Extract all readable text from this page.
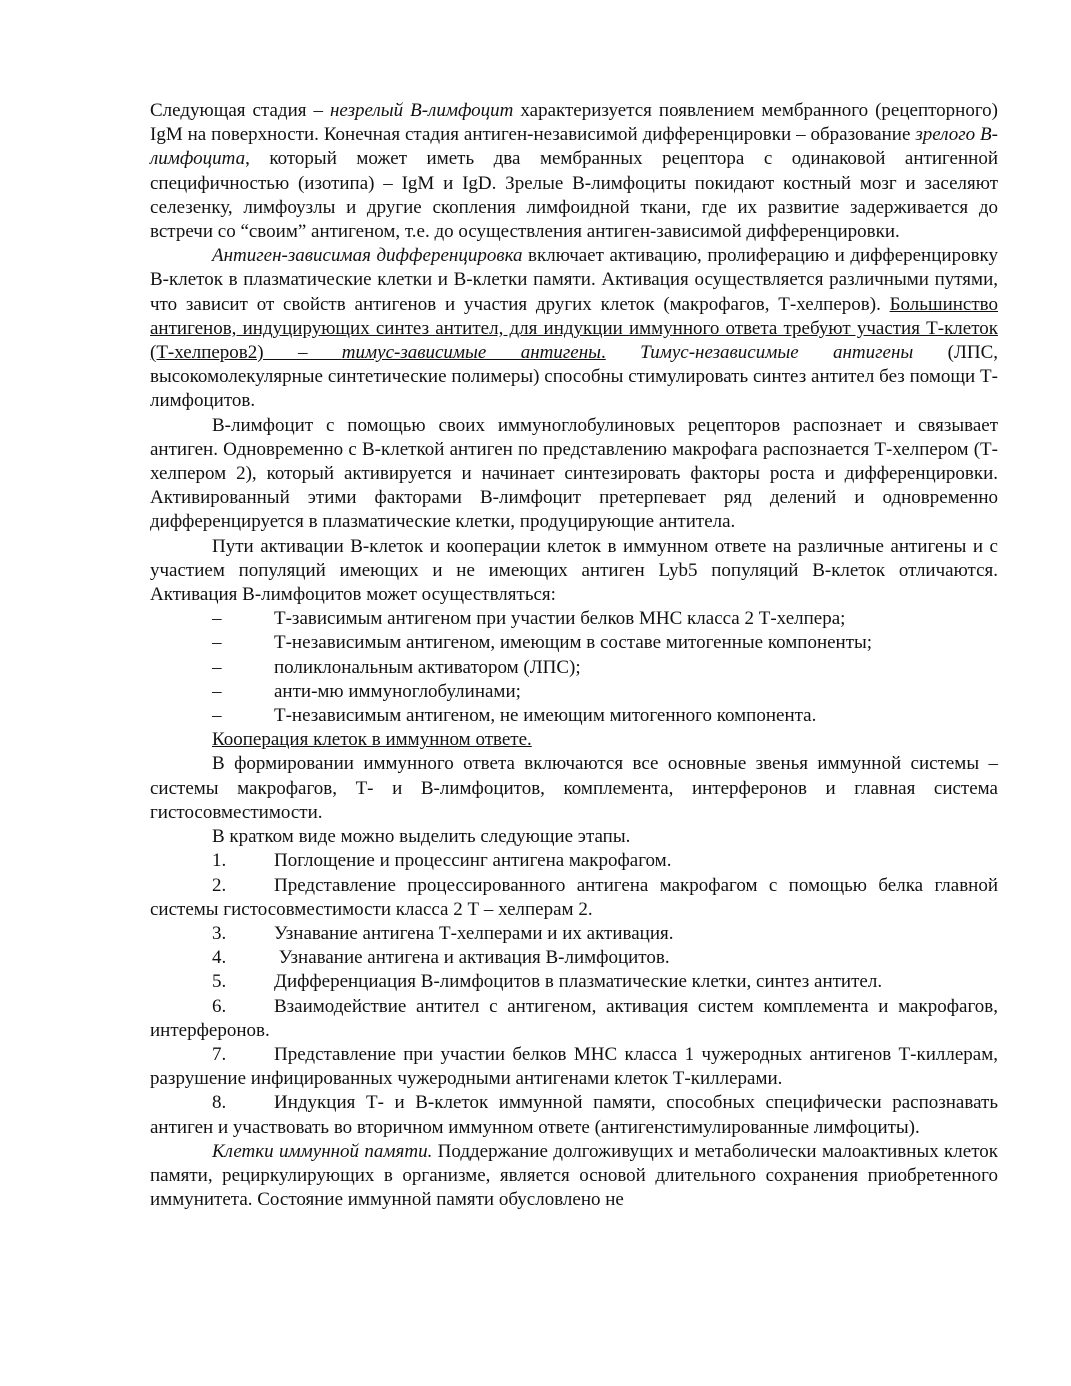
Следующая стадия – незрелый В-лимфоцит характеризуется появлением мембранного (рецепторного) IgM на поверхности. Конечная стадия антиген-независимой дифференцировки – образование зрелого В-лимфоцита, который может иметь два мембранных рецептора с одинаковой антигенной специфичностью (изотипа) – IgM и IgD. Зрелые В-лимфоциты покидают костный мозг и заселяют селезенку, лимфоузлы и другие скопления лимфоидной ткани, где их развитие задерживается до встречи со “своим” антигеном, т.е. до осуществления антиген-зависимой дифференцировки.

Антиген-зависимая дифференцировка включает активацию, пролиферацию и дифференцировку В-клеток в плазматические клетки и В-клетки памяти. Активация осуществляется различными путями, что зависит от свойств антигенов и участия других клеток (макрофагов, Т-хелперов). Большинство антигенов, индуцирующих синтез антител, для индукции иммунного ответа требуют участия Т-клеток (Т-хелперов2) – тимус-зависимые антигены. Тимус-независимые антигены (ЛПС, высокомолекулярные синтетические полимеры) способны стимулировать синтез антител без помощи Т-лимфоцитов.

В-лимфоцит с помощью своих иммуноглобулиновых рецепторов распознает и связывает антиген. Одновременно с В-клеткой антиген по представлению макрофага распознается Т-хелпером (Т-хелпером 2), который активируется и начинает синтезировать факторы роста и дифференцировки. Активированный этими факторами В-лимфоцит претерпевает ряд делений и одновременно дифференцируется в плазматические клетки, продуцирующие антитела.

Пути активации В-клеток и кооперации клеток в иммунном ответе на различные антигены и с участием популяций имеющих и не имеющих антиген Lyb5 популяций В-клеток отличаются. Активация В-лимфоцитов может осуществляться:

–	Т-зависимым антигеном при участии белков МНС класса 2 Т-хелпера;
–	Т-независимым антигеном, имеющим в составе митогенные компоненты;
–	поликлональным активатором (ЛПС);
–	анти-мю иммуноглобулинами;
–	Т-независимым антигеном, не имеющим митогенного компонента.

Кооперация клеток в иммунном ответе.

В формировании иммунного ответа включаются все основные звенья иммунной системы – системы макрофагов, Т- и В-лимфоцитов, комплемента, интерферонов и главная система гистосовместимости.

В кратком виде можно выделить следующие этапы.

1.	Поглощение и процессинг антигена макрофагом.

2.	Представление процессированного антигена макрофагом с помощью белка главной системы гистосовместимости класса 2 Т – хелперам 2.

3.	Узнавание антигена Т-хелперами и их активация.

4.	Узнавание антигена и активация В-лимфоцитов.

5.	Дифференциация В-лимфоцитов в плазматические клетки, синтез антител.

6.	Взаимодействие антител с антигеном, активация систем комплемента и макрофагов, интерферонов.

7.	Представление при участии белков МНС класса 1 чужеродных антигенов Т-киллерам, разрушение инфицированных чужеродными антигенами клеток Т-киллерами.

8.	Индукция Т- и В-клеток иммунной памяти, способных специфически распознавать антиген и участвовать во вторичном иммунном ответе (антигенстимулированные лимфоциты).

Клетки иммунной памяти. Поддержание долгоживущих и метаболически малоактивных клеток памяти, рециркулирующих в организме, является основой длительного сохранения приобретенного иммунитета. Состояние иммунной памяти обусловлено не
